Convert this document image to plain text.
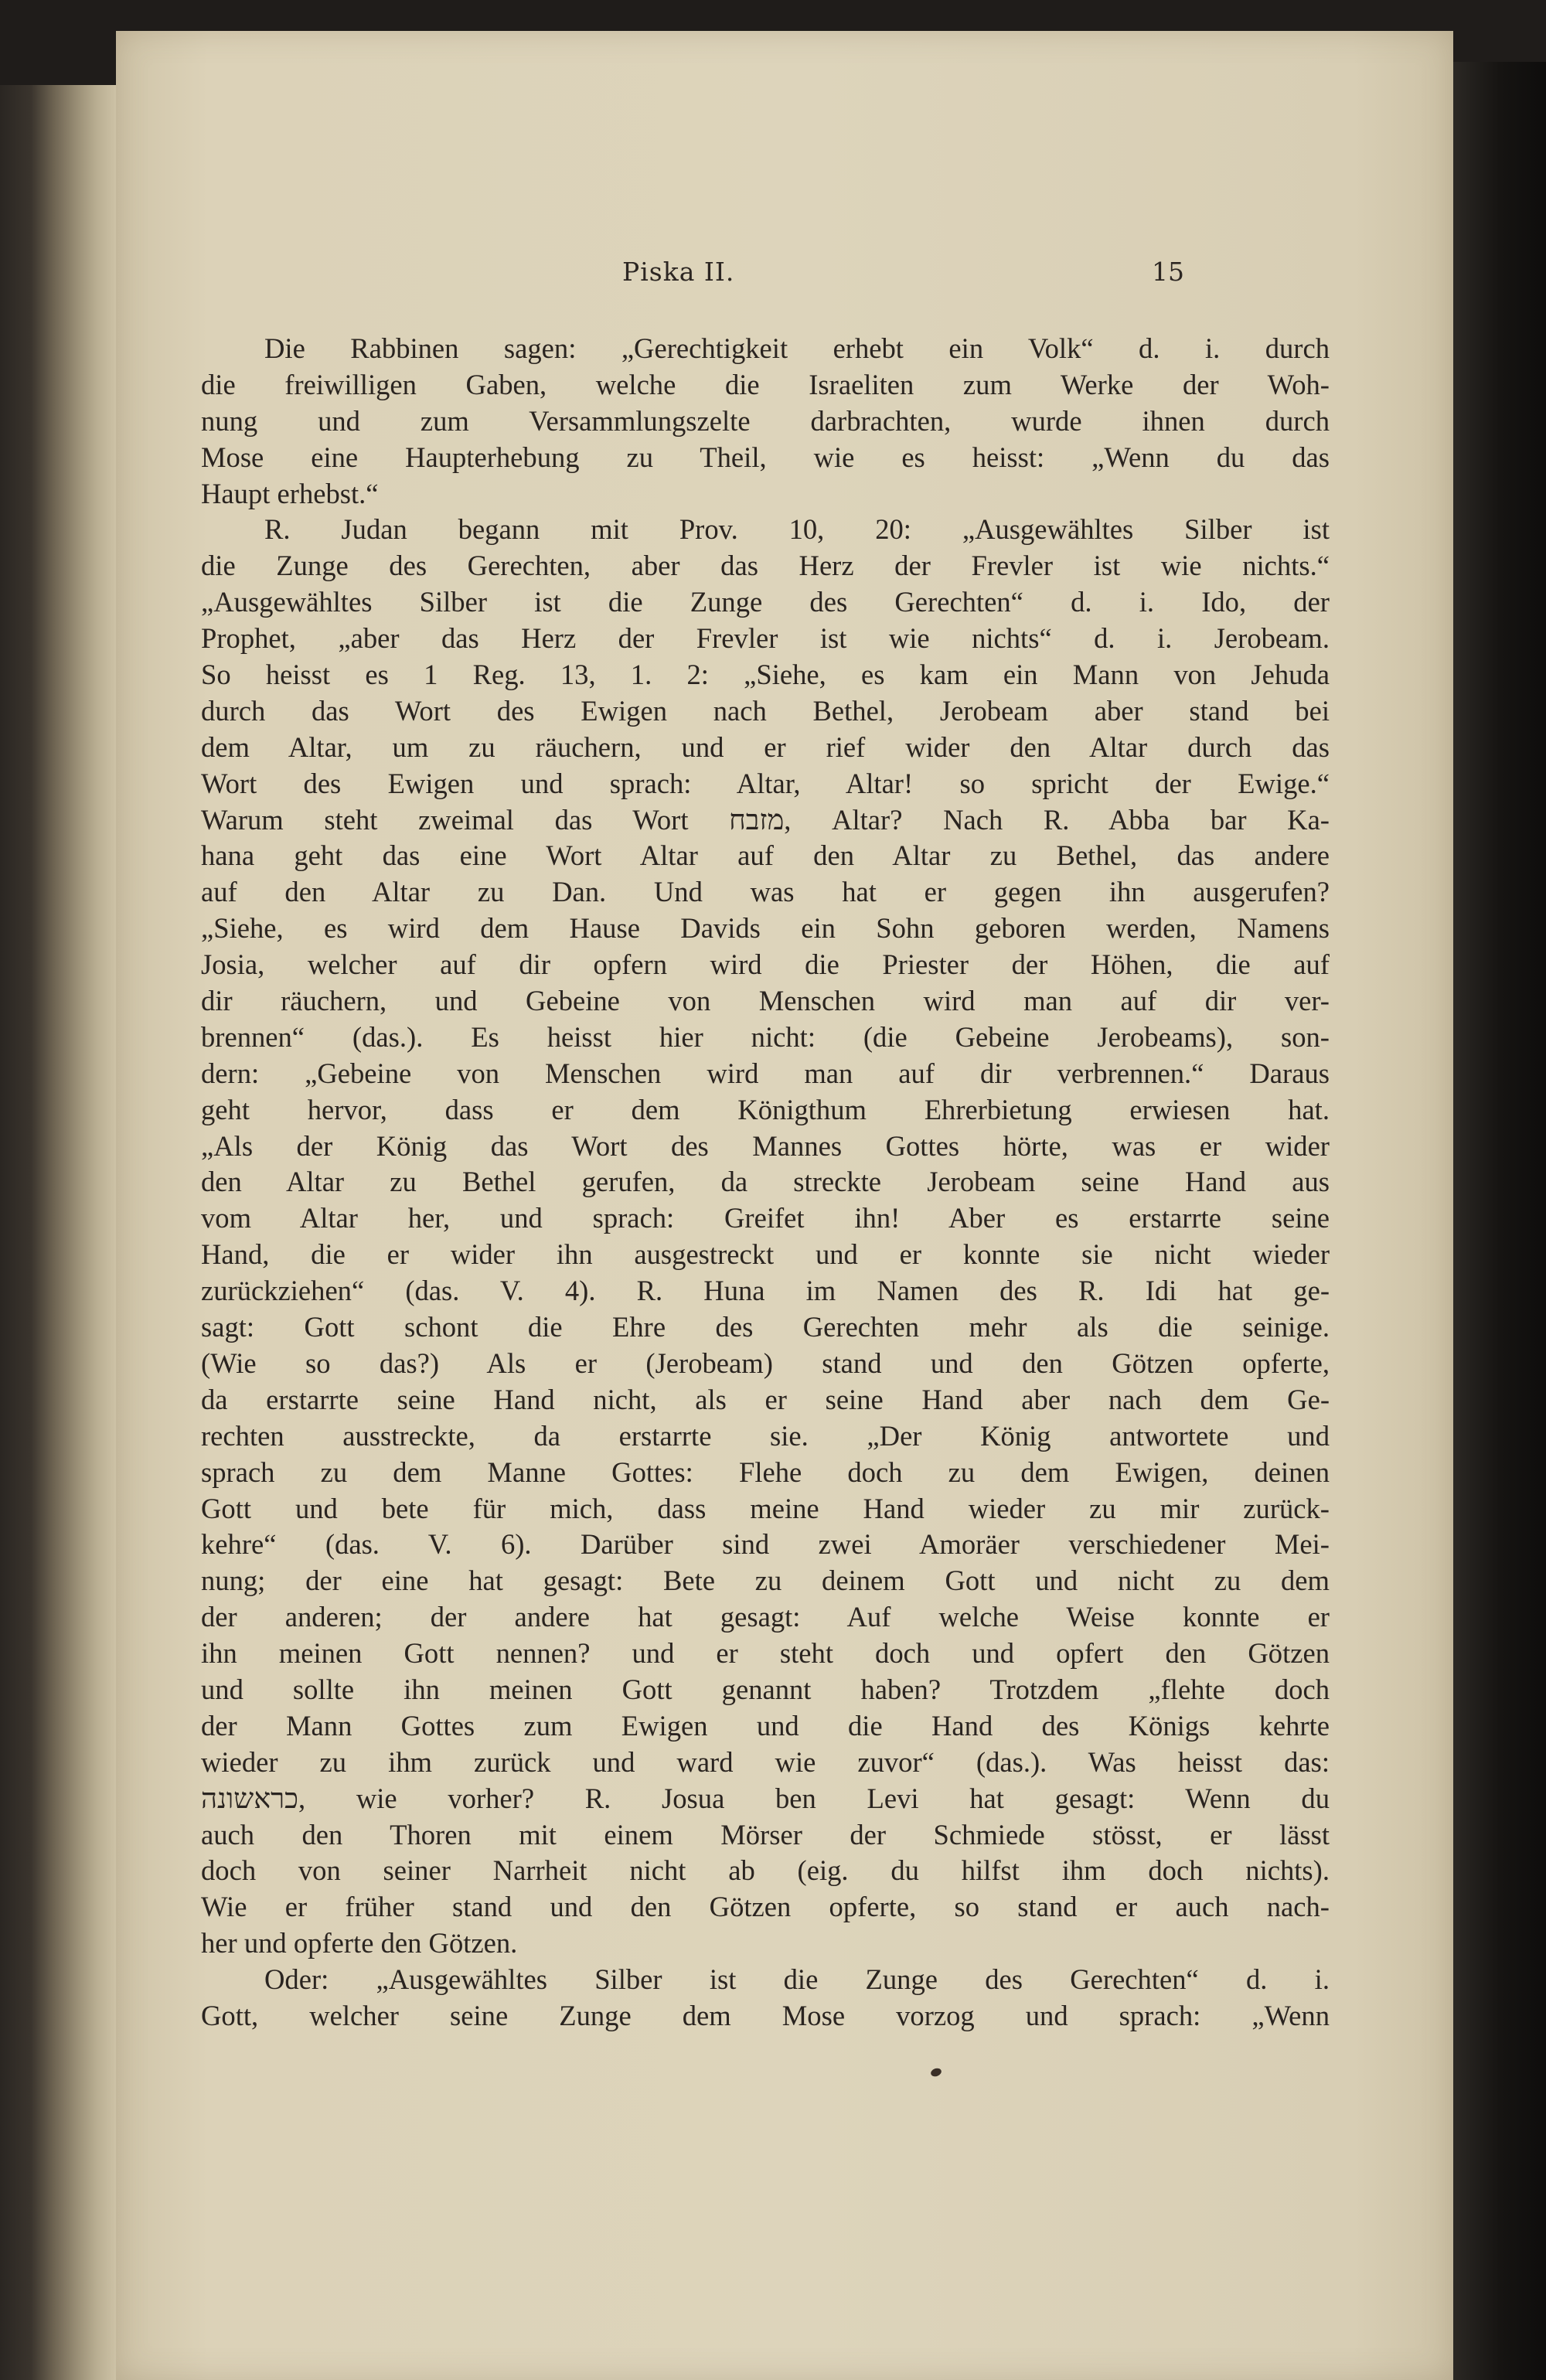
Piska II.	15
Die Rabbinen sagen: „Gerechtigkeit erhebt ein Volk“ d. i. durch
die freiwilligen Gaben, welche die Israeliten zum Werke der Woh-
nung und zum Versammlungszelte darbrachten, wurde ihnen durch
Mose eine Haupterhebung zu Theil, wie es heisst: „Wenn du das
Haupt erhebst.“
R. Judan begann mit Prov. 10, 20: „Ausgewähltes Silber ist
die Zunge des Gerechten, aber das Herz der Frevler ist wie nichts.“
„Ausgewähltes Silber ist die Zunge des Gerechten“ d. i. Ido, der
Prophet, „aber das Herz der Frevler ist wie nichts“ d. i. Jerobeam.
So heisst es 1 Reg. 13, 1. 2: „Siehe, es kam ein Mann von Jehuda
durch das Wort des Ewigen nach Bethel, Jerobeam aber stand bei
dem Altar, um zu räuchern, und er rief wider den Altar durch das
Wort des Ewigen und sprach: Altar, Altar! so spricht der Ewige.“
Warum steht zweimal das Wort מזבח, Altar? Nach R. Abba bar Ka-
hana geht das eine Wort Altar auf den Altar zu Bethel, das andere
auf den Altar zu Dan. Und was hat er gegen ihn ausgerufen?
„Siehe, es wird dem Hause Davids ein Sohn geboren werden, Namens
Josia, welcher auf dir opfern wird die Priester der Höhen, die auf
dir räuchern, und Gebeine von Menschen wird man auf dir ver-
brennen“ (das.). Es heisst hier nicht: (die Gebeine Jerobeams), son-
dern: „Gebeine von Menschen wird man auf dir verbrennen.“ Daraus
geht hervor, dass er dem Königthum Ehrerbietung erwiesen hat.
„Als der König das Wort des Mannes Gottes hörte, was er wider
den Altar zu Bethel gerufen, da streckte Jerobeam seine Hand aus
vom Altar her, und sprach: Greifet ihn! Aber es erstarrte seine
Hand, die er wider ihn ausgestreckt und er konnte sie nicht wieder
zurückziehen“ (das. V. 4). R. Huna im Namen des R. Idi hat ge-
sagt: Gott schont die Ehre des Gerechten mehr als die seinige.
(Wie so das?) Als er (Jerobeam) stand und den Götzen opferte,
da erstarrte seine Hand nicht, als er seine Hand aber nach dem Ge-
rechten ausstreckte, da erstarrte sie. „Der König antwortete und
sprach zu dem Manne Gottes: Flehe doch zu dem Ewigen, deinen
Gott und bete für mich, dass meine Hand wieder zu mir zurück-
kehre“ (das. V. 6). Darüber sind zwei Amoräer verschiedener Mei-
nung; der eine hat gesagt: Bete zu deinem Gott und nicht zu dem
der anderen; der andere hat gesagt: Auf welche Weise konnte er
ihn meinen Gott nennen? und er steht doch und opfert den Götzen
und sollte ihn meinen Gott genannt haben? Trotzdem „flehte doch
der Mann Gottes zum Ewigen und die Hand des Königs kehrte
wieder zu ihm zurück und ward wie zuvor“ (das.). Was heisst das:
כראשונה, wie vorher? R. Josua ben Levi hat gesagt: Wenn du
auch den Thoren mit einem Mörser der Schmiede stösst, er lässt
doch von seiner Narrheit nicht ab (eig. du hilfst ihm doch nichts).
Wie er früher stand und den Götzen opferte, so stand er auch nach-
her und opferte den Götzen.
Oder: „Ausgewähltes Silber ist die Zunge des Gerechten“ d. i.
Gott, welcher seine Zunge dem Mose vorzog und sprach: „Wenn
